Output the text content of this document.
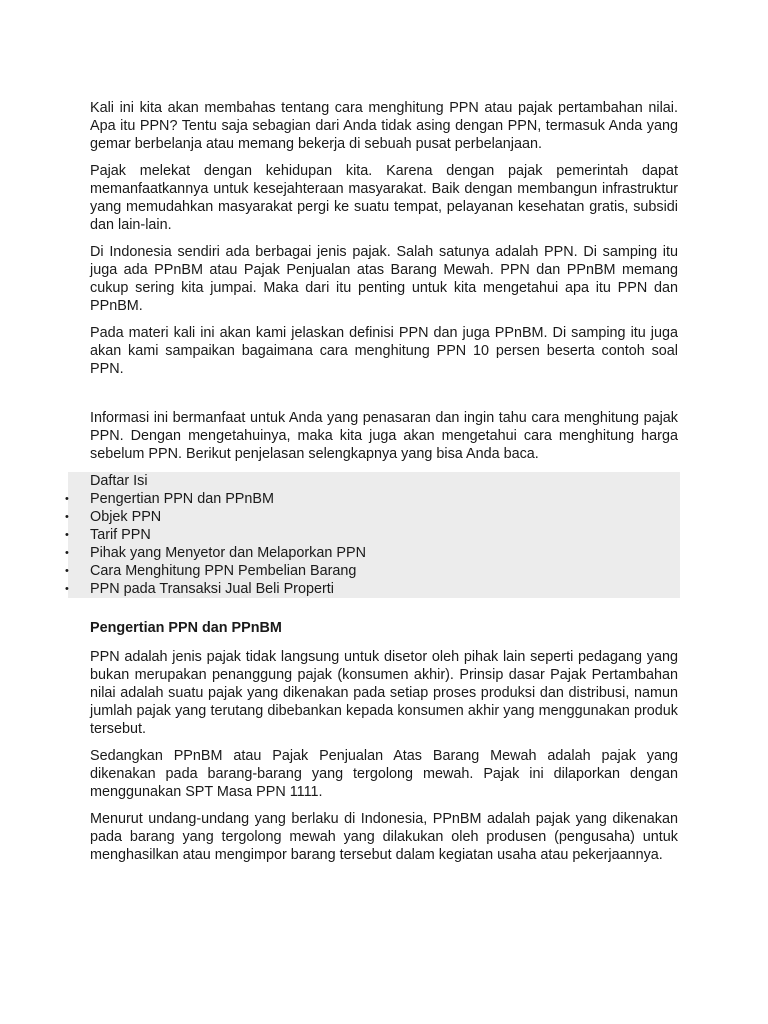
Kali ini kita akan membahas tentang cara menghitung PPN atau pajak pertambahan nilai. Apa itu PPN? Tentu saja sebagian dari Anda tidak asing dengan PPN, termasuk Anda yang gemar berbelanja atau memang bekerja di sebuah pusat perbelanjaan.

Pajak melekat dengan kehidupan kita. Karena dengan pajak pemerintah dapat memanfaatkannya untuk kesejahteraan masyarakat. Baik dengan membangun infrastruktur yang memudahkan masyarakat pergi ke suatu tempat, pelayanan kesehatan gratis, subsidi dan lain-lain.

Di Indonesia sendiri ada berbagai jenis pajak. Salah satunya adalah PPN. Di samping itu juga ada PPnBM atau Pajak Penjualan atas Barang Mewah. PPN dan PPnBM memang cukup sering kita jumpai. Maka dari itu penting untuk kita mengetahui apa itu PPN dan PPnBM.

Pada materi kali ini akan kami jelaskan definisi PPN dan juga PPnBM. Di samping itu juga akan kami sampaikan bagaimana cara menghitung PPN 10 persen beserta contoh soal PPN.

Informasi ini bermanfaat untuk Anda yang penasaran dan ingin tahu cara menghitung pajak PPN. Dengan mengetahuinya, maka kita juga akan mengetahui cara menghitung harga sebelum PPN. Berikut penjelasan selengkapnya yang bisa Anda baca.

Daftar Isi
• Pengertian PPN dan PPnBM
• Objek PPN
• Tarif PPN
• Pihak yang Menyetor dan Melaporkan PPN
• Cara Menghitung PPN Pembelian Barang
• PPN pada Transaksi Jual Beli Properti
Pengertian PPN dan PPnBM

PPN adalah jenis pajak tidak langsung untuk disetor oleh pihak lain seperti pedagang yang bukan merupakan penanggung pajak (konsumen akhir). Prinsip dasar Pajak Pertambahan nilai adalah suatu pajak yang dikenakan pada setiap proses produksi dan distribusi, namun jumlah pajak yang terutang dibebankan kepada konsumen akhir yang menggunakan produk tersebut.

Sedangkan PPnBM atau Pajak Penjualan Atas Barang Mewah adalah pajak yang dikenakan pada barang-barang yang tergolong mewah. Pajak ini dilaporkan dengan menggunakan SPT Masa PPN 1111.

Menurut undang-undang yang berlaku di Indonesia, PPnBM adalah pajak yang dikenakan pada barang yang tergolong mewah yang dilakukan oleh produsen (pengusaha) untuk menghasilkan atau mengimpor barang tersebut dalam kegiatan usaha atau pekerjaannya.
